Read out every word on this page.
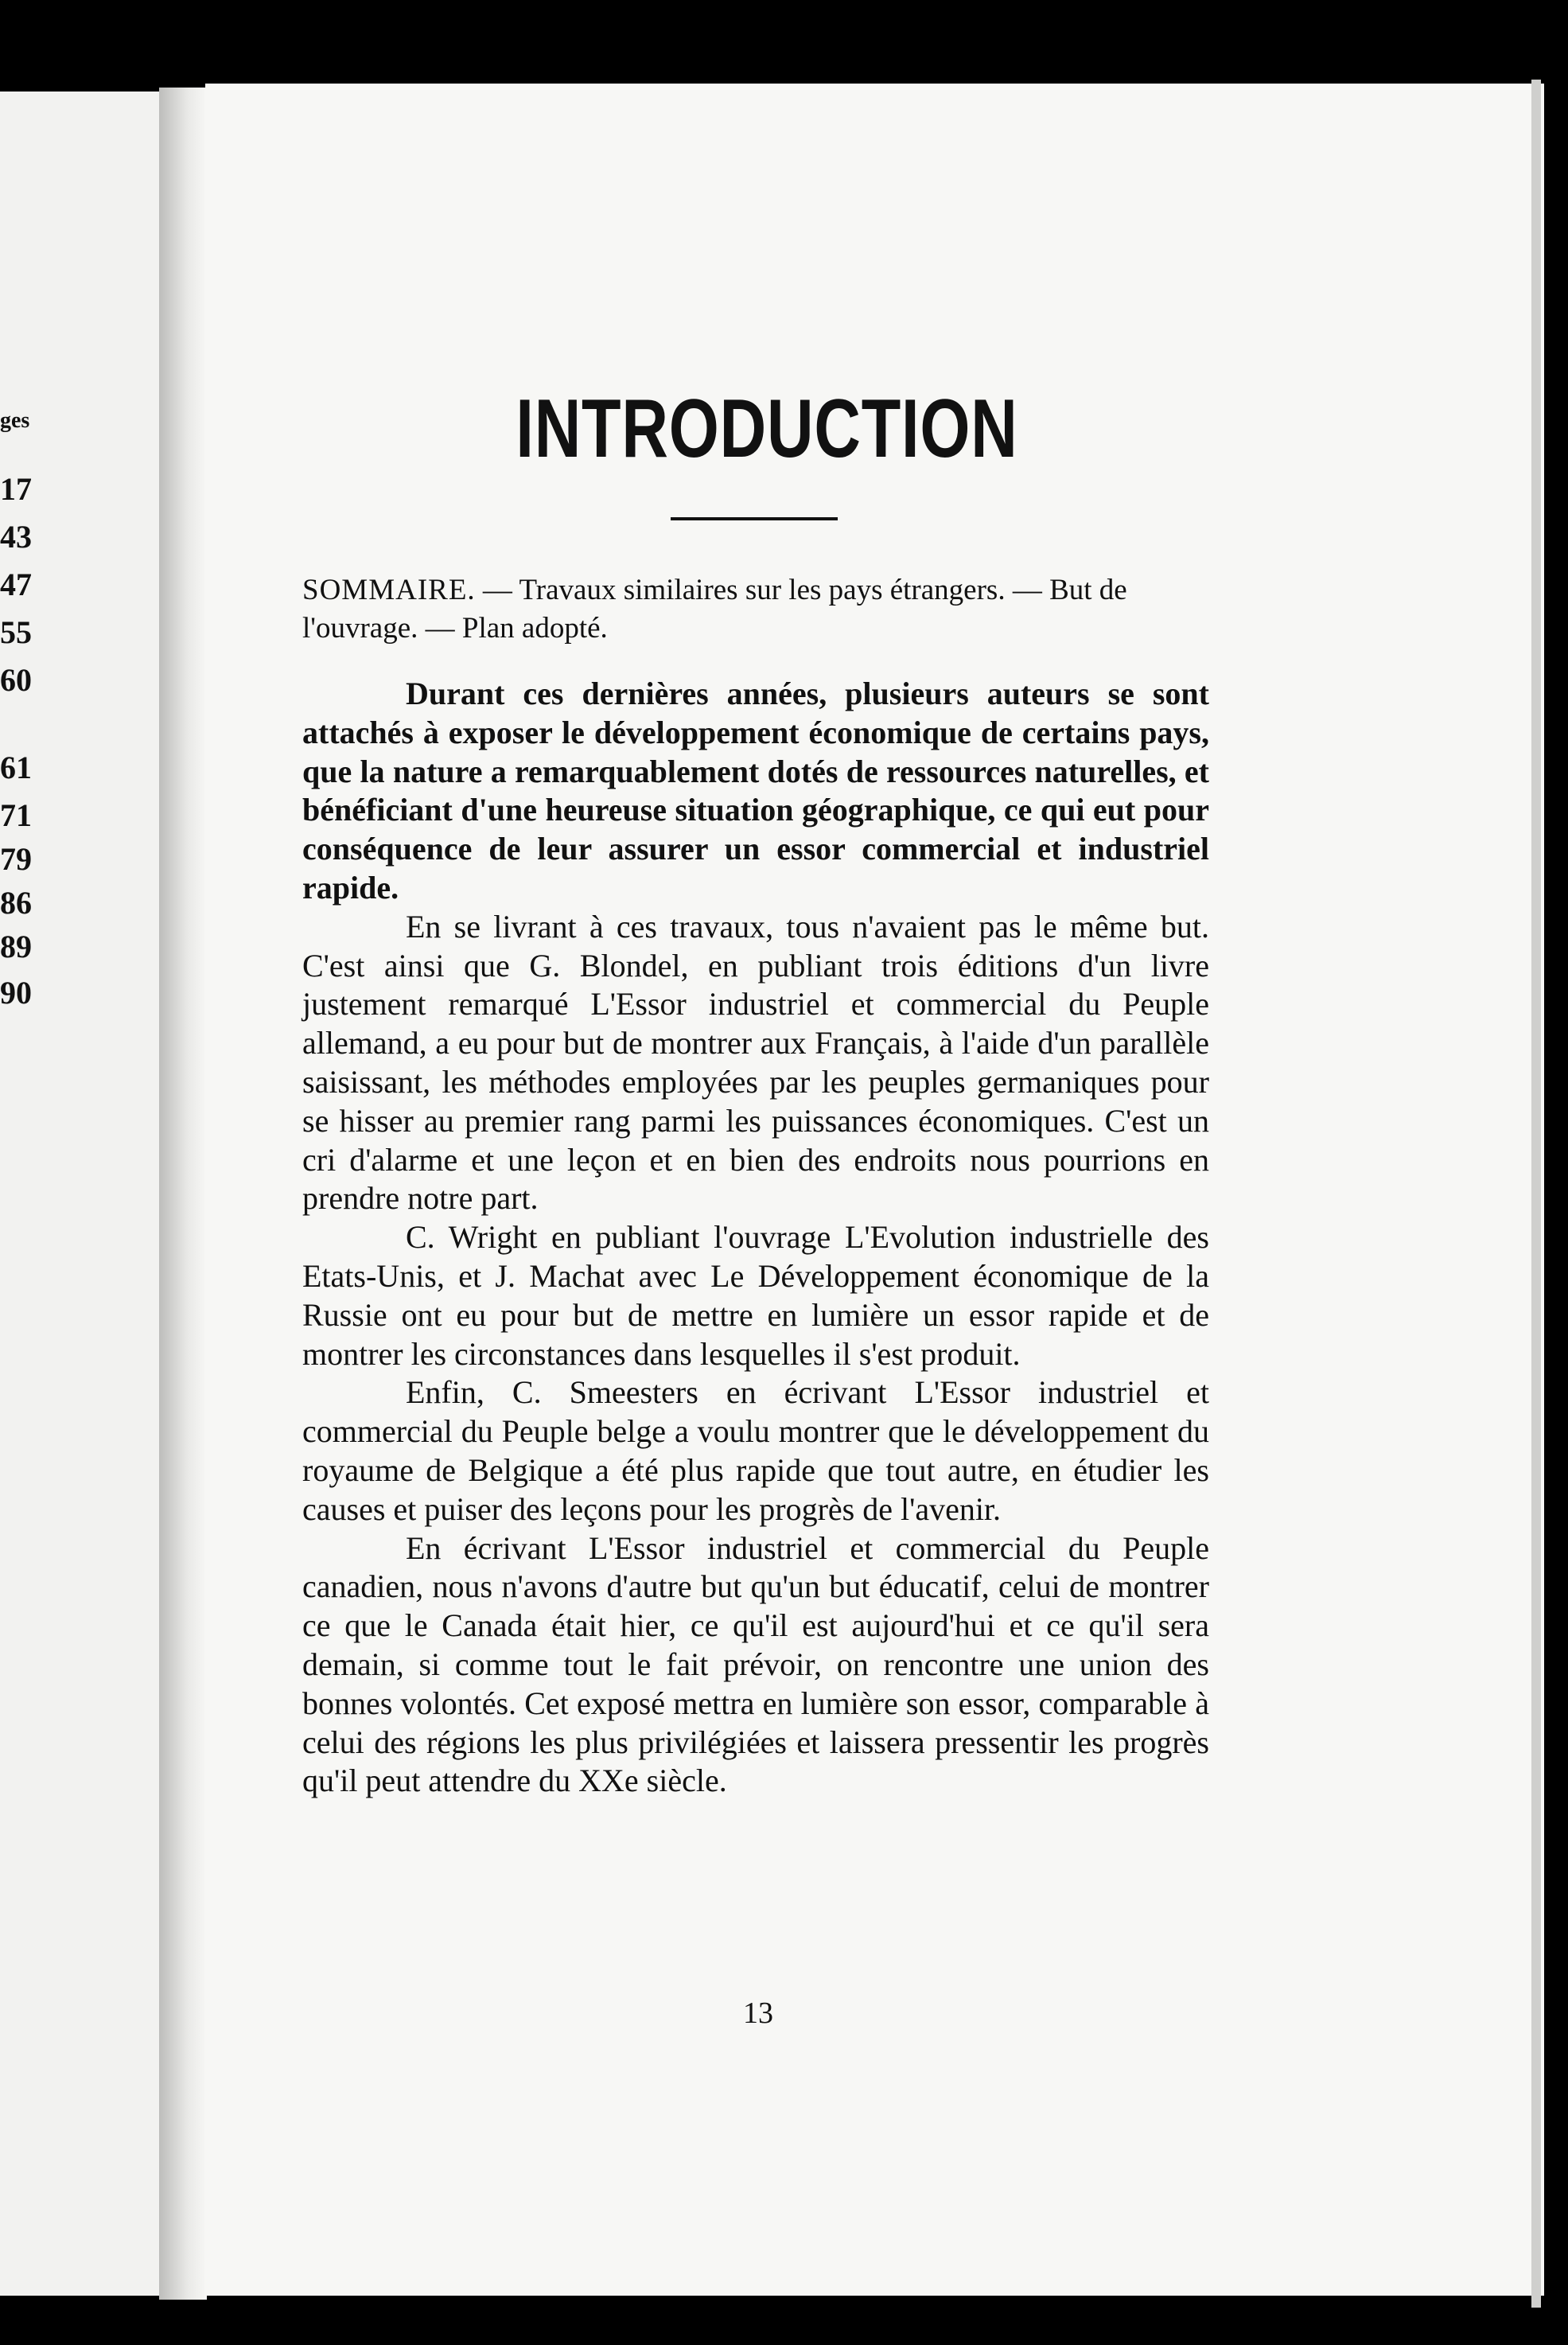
ges
17
43
47
55
60
61
71
79
86
89
90
INTRODUCTION
SOMMAIRE. — Travaux similaires sur les pays étrangers. — But de l'ouvrage. — Plan adopté.

Durant ces dernières années, plusieurs auteurs se sont attachés à exposer le développement économique de certains pays, que la nature a remarquablement dotés de ressources naturelles, et bénéficiant d'une heureuse situation géographique, ce qui eut pour conséquence de leur assurer un essor commercial et industriel rapide.

En se livrant à ces travaux, tous n'avaient pas le même but. C'est ainsi que G. Blondel, en publiant trois éditions d'un livre justement remarqué L'Essor industriel et commercial du Peuple allemand, a eu pour but de montrer aux Français, à l'aide d'un parallèle saisissant, les méthodes employées par les peuples germaniques pour se hisser au premier rang parmi les puissances économiques. C'est un cri d'alarme et une leçon et en bien des endroits nous pourrions en prendre notre part.

C. Wright en publiant l'ouvrage L'Evolution industrielle des Etats-Unis, et J. Machat avec Le Développement économique de la Russie ont eu pour but de mettre en lumière un essor rapide et de montrer les circonstances dans lesquelles il s'est produit.

Enfin, C. Smeesters en écrivant L'Essor industriel et commercial du Peuple belge a voulu montrer que le développement du royaume de Belgique a été plus rapide que tout autre, en étudier les causes et puiser des leçons pour les progrès de l'avenir.

En écrivant L'Essor industriel et commercial du Peuple canadien, nous n'avons d'autre but qu'un but éducatif, celui de montrer ce que le Canada était hier, ce qu'il est aujourd'hui et ce qu'il sera demain, si comme tout le fait prévoir, on rencontre une union des bonnes volontés. Cet exposé mettra en lumière son essor, comparable à celui des régions les plus privilégiées et laissera pressentir les progrès qu'il peut attendre du XXe siècle.

13
